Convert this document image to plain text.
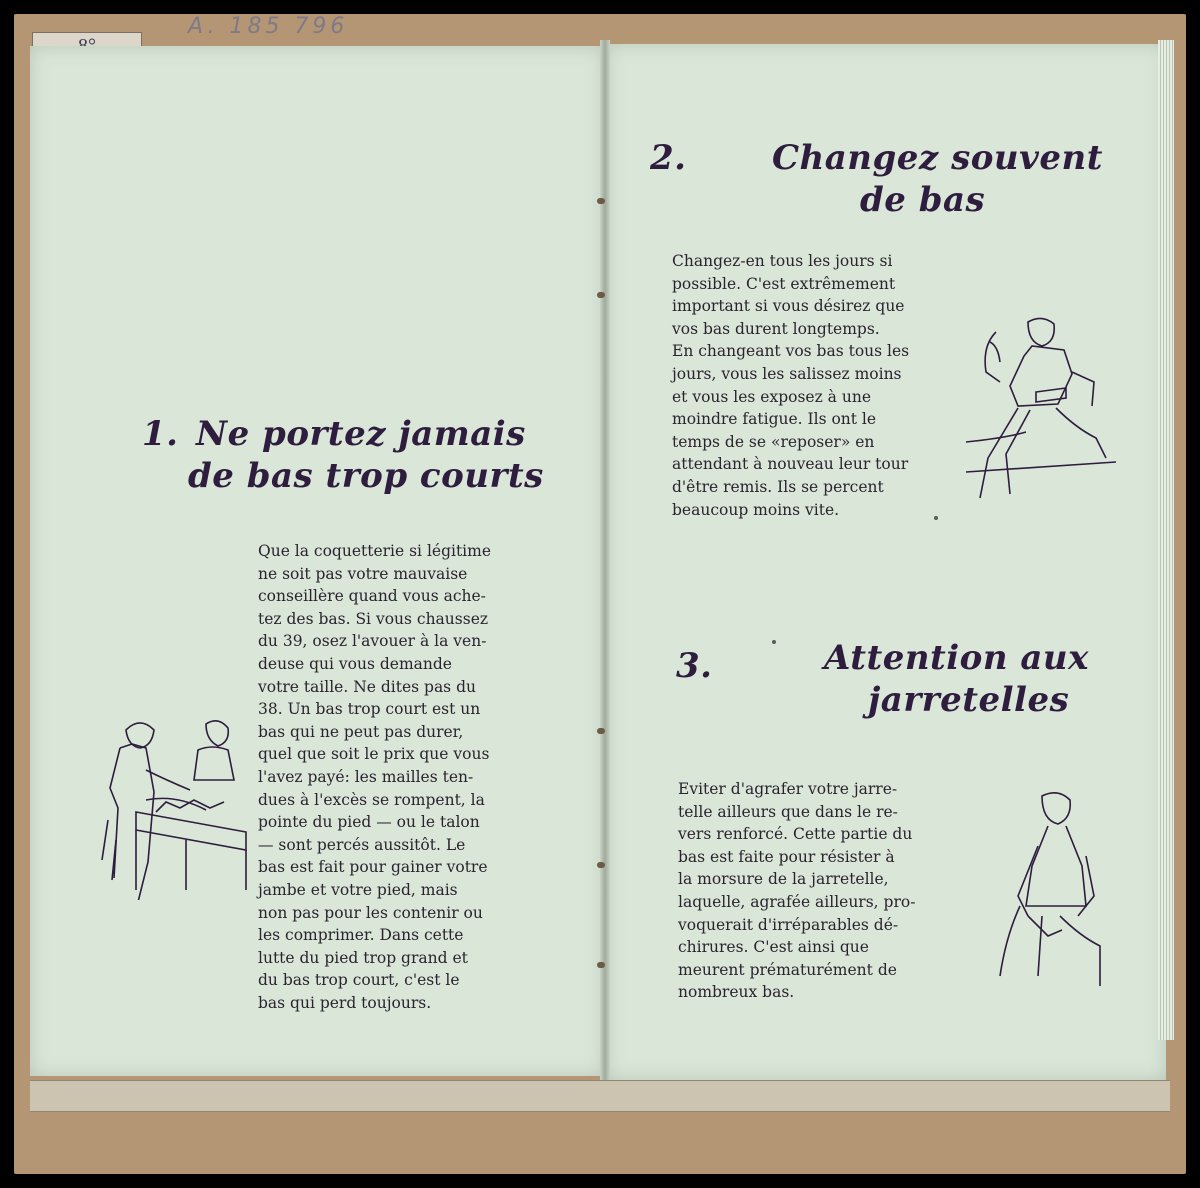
A. 185 796
1. Ne portez jamais
de bas trop courts
Que la coquetterie si légitime
ne soit pas votre mauvaise
conseillère quand vous ache-
tez des bas. Si vous chaussez
du 39, osez l'avouer à la ven-
deuse qui vous demande
votre taille. Ne dites pas du
38. Un bas trop court est un
bas qui ne peut pas durer,
quel que soit le prix que vous
l'avez payé: les mailles ten-
dues à l'excès se rompent, la
pointe du pied — ou le talon
— sont percés aussitôt. Le
bas est fait pour gainer votre
jambe et votre pied, mais
non pas pour les contenir ou
les comprimer. Dans cette
lutte du pied trop grand et
du bas trop court, c'est le
bas qui perd toujours.
2.	Changez souvent
de bas
Changez-en tous les jours si
possible. C'est extrêmement
important si vous désirez que
vos bas durent longtemps.
En changeant vos bas tous les
jours, vous les salissez moins
et vous les exposez à une
moindre fatigue. Ils ont le
temps de se «reposer» en
attendant à nouveau leur tour
d'être remis. Ils se percent
beaucoup moins vite.
3.	Attention aux
jarretelles
Eviter d'agrafer votre jarre-
telle ailleurs que dans le re-
vers renforcé. Cette partie du
bas est faite pour résister à
la morsure de la jarretelle,
laquelle, agrafée ailleurs, pro-
voquerait d'irréparables dé-
chirures. C'est ainsi que
meurent prématurément de
nombreux bas.
